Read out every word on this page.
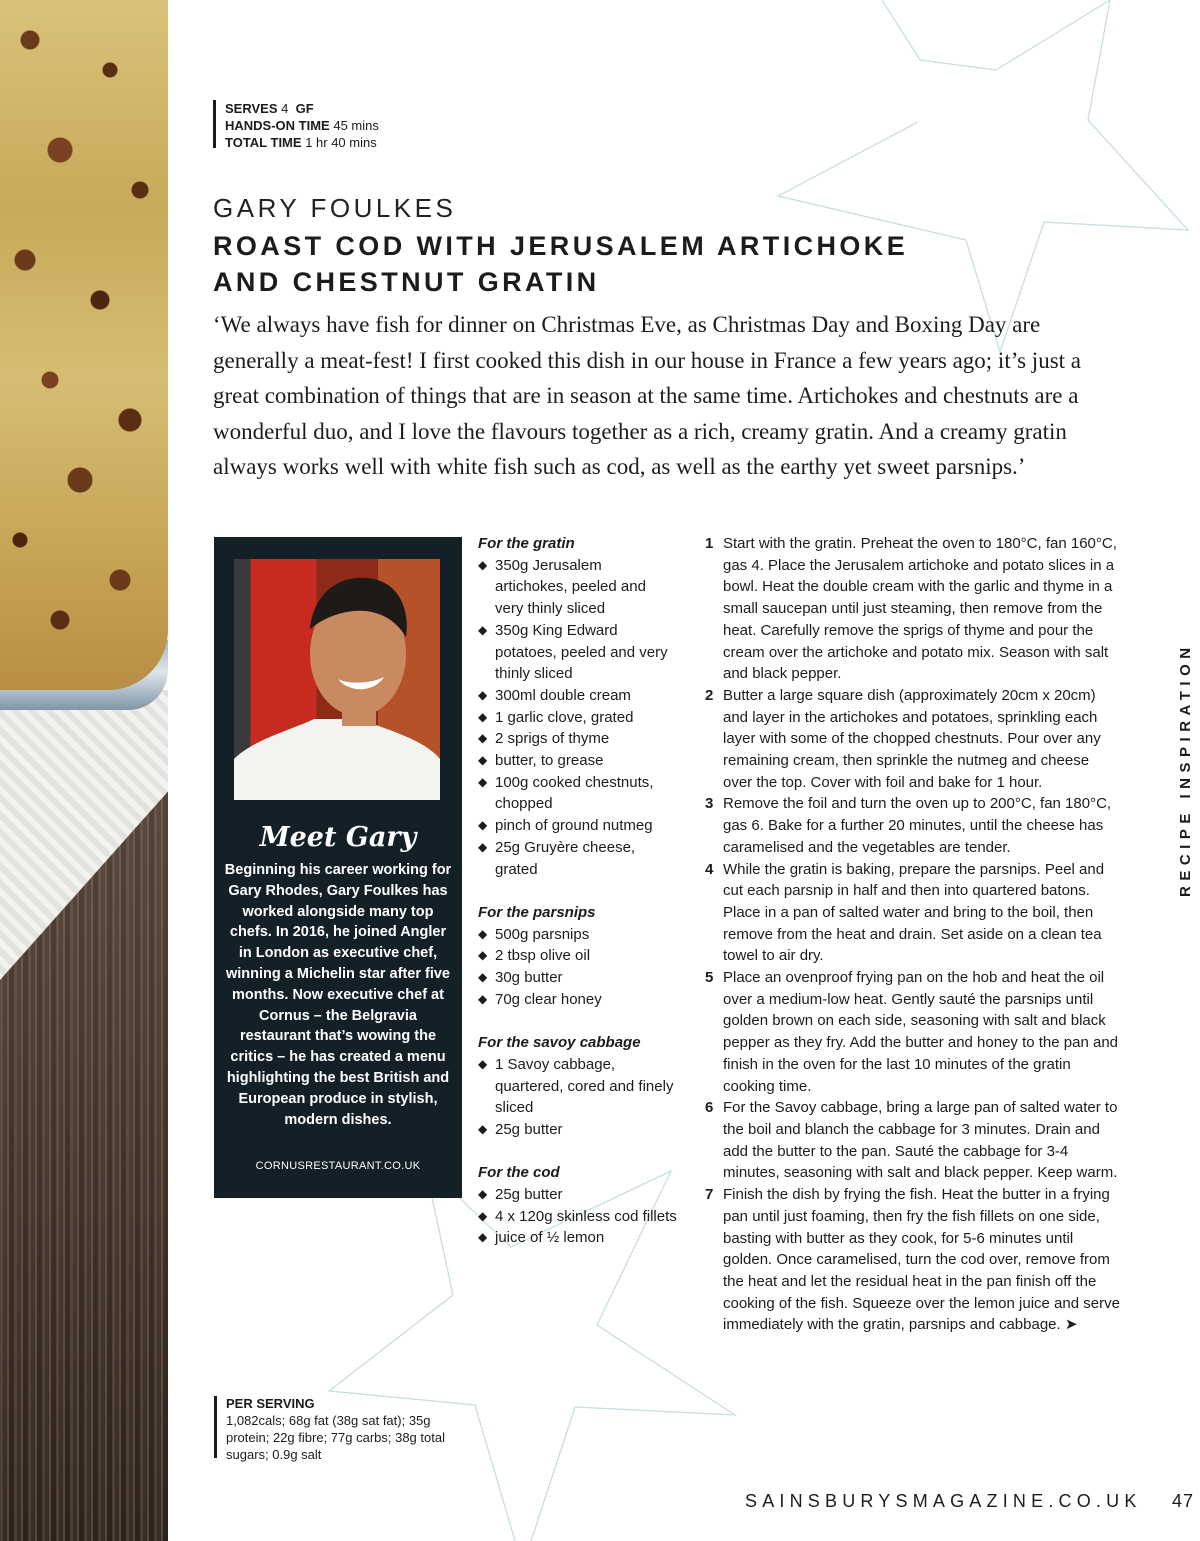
SERVES 4 GF
HANDS-ON TIME 45 mins
TOTAL TIME 1 hr 40 mins
GARY FOULKES
ROAST COD WITH JERUSALEM ARTICHOKE
AND CHESTNUT GRATIN

‘We always have fish for dinner on Christmas Eve, as Christmas Day and Boxing Day are generally a meat-fest! I first cooked this dish in our house in France a few years ago; it’s just a great combination of things that are in season at the same time. Artichokes and chestnuts are a wonderful duo, and I love the flavours together as a rich, creamy gratin. And a creamy gratin always works well with white fish such as cod, as well as the earthy yet sweet parsnips.’

Meet Gary
Beginning his career working for Gary Rhodes, Gary Foulkes has worked alongside many top chefs. In 2016, he joined Angler in London as executive chef, winning a Michelin star after five months. Now executive chef at Cornus – the Belgravia restaurant that’s wowing the critics – he has created a menu highlighting the best British and European produce in stylish, modern dishes.
CORNUSRESTAURANT.CO.UK

For the gratin

◆ 350g Jerusalem artichokes, peeled and very thinly sliced
◆ 350g King Edward potatoes, peeled and very thinly sliced
◆ 300ml double cream
◆ 1 garlic clove, grated
◆ 2 sprigs of thyme
◆ butter, to grease
◆ 100g cooked chestnuts, chopped
◆ pinch of ground nutmeg
◆ 25g Gruyère cheese, grated

For the parsnips

◆ 500g parsnips
◆ 2 tbsp olive oil
◆ 30g butter
◆ 70g clear honey

For the savoy cabbage

◆ 1 Savoy cabbage, quartered, cored and finely sliced
◆ 25g butter

For the cod

◆ 25g butter
◆ 4 x 120g skinless cod fillets
◆ juice of ½ lemon
1 Start with the gratin. Preheat the oven to 180°C, fan 160°C, gas 4. Place the Jerusalem artichoke and potato slices in a bowl. Heat the double cream with the garlic and thyme in a small saucepan until just steaming, then remove from the heat. Carefully remove the sprigs of thyme and pour the cream over the artichoke and potato mix. Season with salt and black pepper.
2 Butter a large square dish (approximately 20cm x 20cm) and layer in the artichokes and potatoes, sprinkling each layer with some of the chopped chestnuts. Pour over any remaining cream, then sprinkle the nutmeg and cheese over the top. Cover with foil and bake for 1 hour.
3 Remove the foil and turn the oven up to 200°C, fan 180°C, gas 6. Bake for a further 20 minutes, until the cheese has caramelised and the vegetables are tender.
4 While the gratin is baking, prepare the parsnips. Peel and cut each parsnip in half and then into quartered batons. Place in a pan of salted water and bring to the boil, then remove from the heat and drain. Set aside on a clean tea towel to air dry.
5 Place an ovenproof frying pan on the hob and heat the oil over a medium-low heat. Gently sauté the parsnips until golden brown on each side, seasoning with salt and black pepper as they fry. Add the butter and honey to the pan and finish in the oven for the last 10 minutes of the gratin cooking time.
6 For the Savoy cabbage, bring a large pan of salted water to the boil and blanch the cabbage for 3 minutes. Drain and add the butter to the pan. Sauté the cabbage for 3-4 minutes, seasoning with salt and black pepper. Keep warm.
7 Finish the dish by frying the fish. Heat the butter in a frying pan until just foaming, then fry the fish fillets on one side, basting with butter as they cook, for 5-6 minutes until golden. Once caramelised, turn the cod over, remove from the heat and let the residual heat in the pan finish off the cooking of the fish. Squeeze over the lemon juice and serve immediately with the gratin, parsnips and cabbage. ➤
PER SERVING
1,082cals; 68g fat (38g sat fat); 35g protein; 22g fibre; 77g carbs; 38g total sugars; 0.9g salt
RECIPE INSPIRATION
SAINSBURYSMAGAZINE.CO.UK 47
